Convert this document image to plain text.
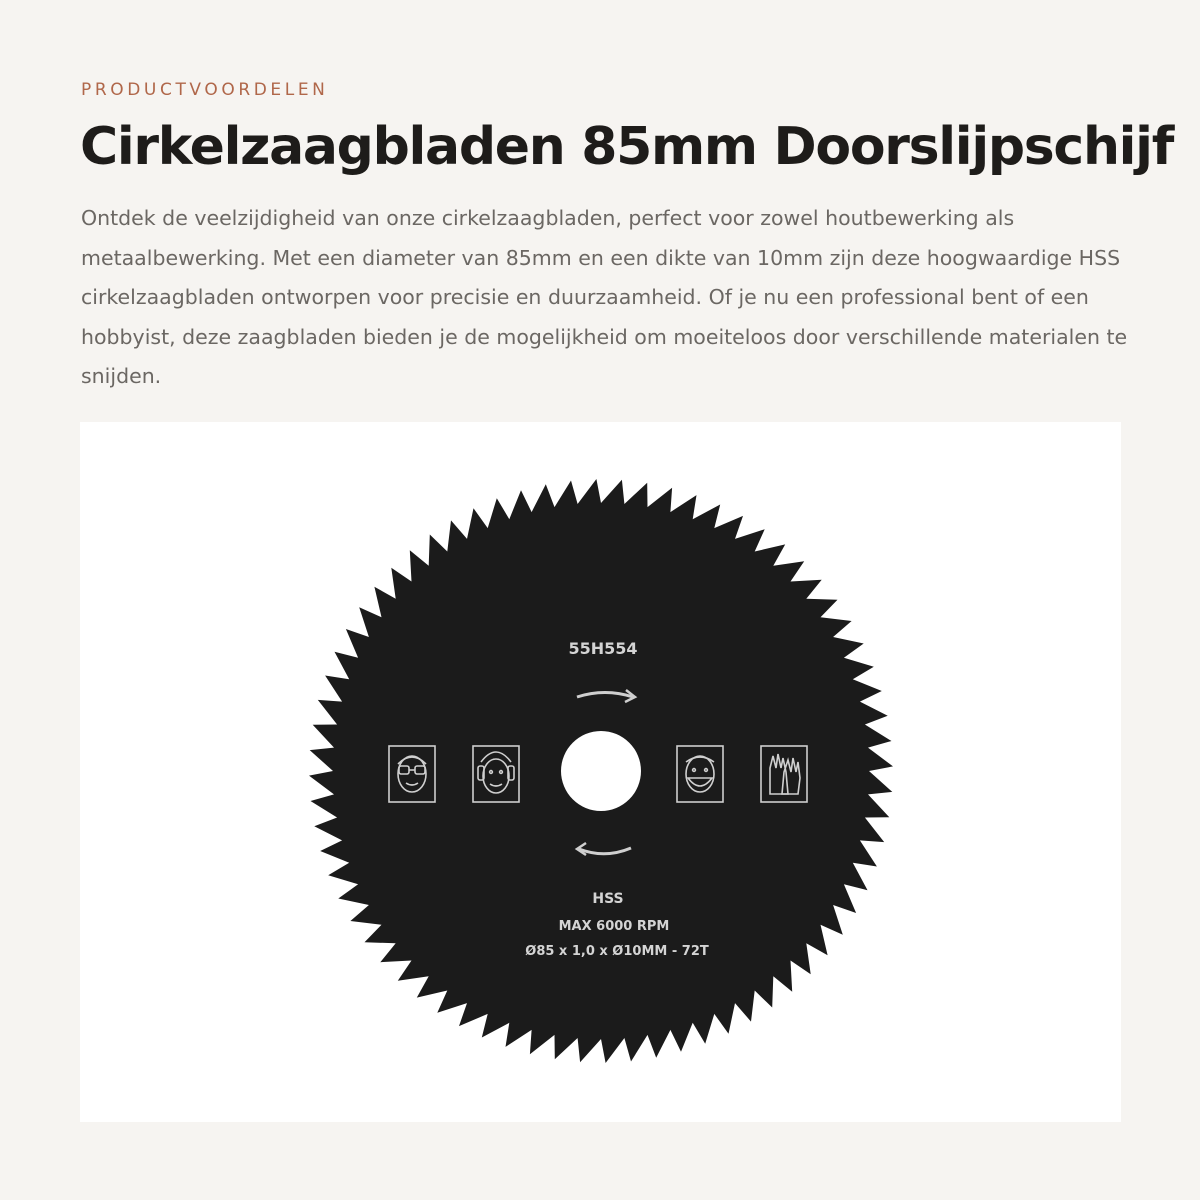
PRODUCTVOORDELEN
Cirkelzaagbladen 85mm Doorslijpschijf

Ontdek de veelzijdigheid van onze cirkelzaagbladen, perfect voor zowel houtbewerking als metaalbewerking. Met een diameter van 85mm en een dikte van 10mm zijn deze hoogwaardige HSS cirkelzaagbladen ontworpen voor precisie en duurzaamheid. Of je nu een professional bent of een hobbyist, deze zaagbladen bieden je de mogelijkheid om moeiteloos door verschillende materialen te snijden.

55H554
HSS
MAX 6000 RPM
Ø85 x 1,0 x Ø10MM - 72T
